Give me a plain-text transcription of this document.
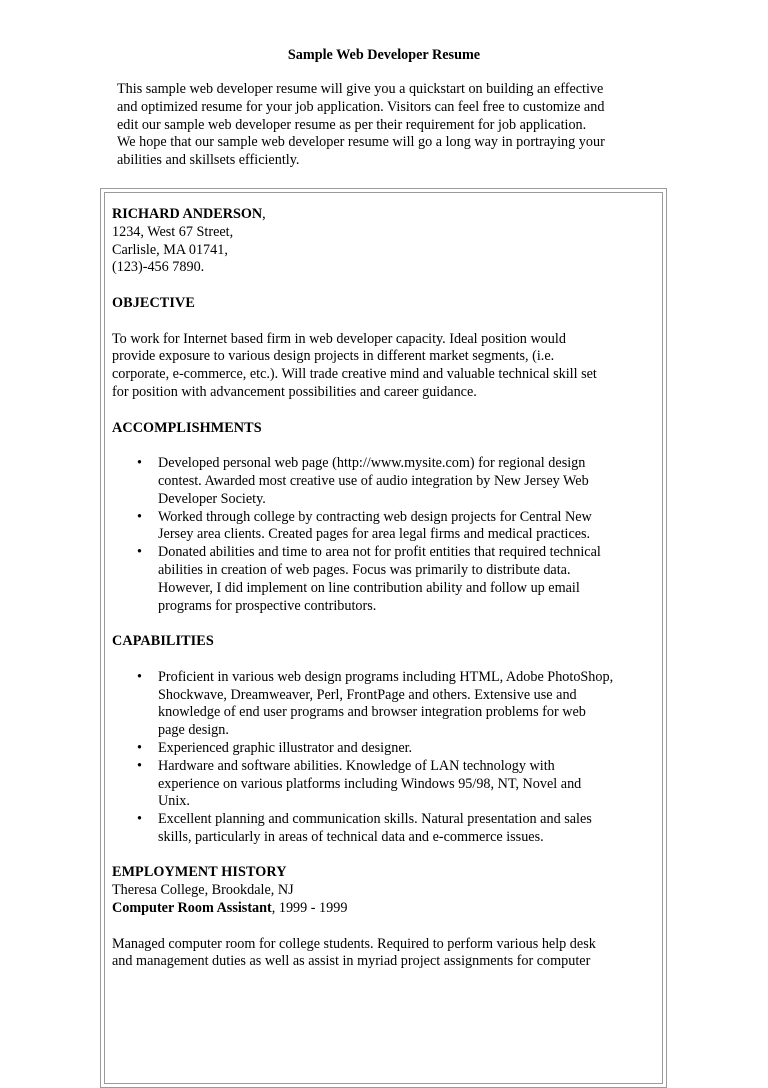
Sample Web Developer Resume
This sample web developer resume will give you a quickstart on building an effective
and optimized resume for your job application. Visitors can feel free to customize and
edit our sample web developer resume as per their requirement for job application.
We hope that our sample web developer resume will go a long way in portraying your
abilities and skillsets efficiently.
RICHARD ANDERSON,
1234, West 67 Street,
Carlisle, MA 01741,
(123)-456 7890.
OBJECTIVE
To work for Internet based firm in web developer capacity. Ideal position would
provide exposure to various design projects in different market segments, (i.e.
corporate, e-commerce, etc.). Will trade creative mind and valuable technical skill set
for position with advancement possibilities and career guidance.
ACCOMPLISHMENTS
• Developed personal web page (http://www.mysite.com) for regional design
contest. Awarded most creative use of audio integration by New Jersey Web
Developer Society.
• Worked through college by contracting web design projects for Central New
Jersey area clients. Created pages for area legal firms and medical practices.
• Donated abilities and time to area not for profit entities that required technical
abilities in creation of web pages. Focus was primarily to distribute data.
However, I did implement on line contribution ability and follow up email
programs for prospective contributors.
CAPABILITIES
• Proficient in various web design programs including HTML, Adobe PhotoShop,
Shockwave, Dreamweaver, Perl, FrontPage and others. Extensive use and
knowledge of end user programs and browser integration problems for web
page design.
• Experienced graphic illustrator and designer.
• Hardware and software abilities. Knowledge of LAN technology with
experience on various platforms including Windows 95/98, NT, Novel and
Unix.
• Excellent planning and communication skills. Natural presentation and sales
skills, particularly in areas of technical data and e-commerce issues.
EMPLOYMENT HISTORY
Theresa College, Brookdale, NJ
Computer Room Assistant, 1999 - 1999
Managed computer room for college students. Required to perform various help desk
and management duties as well as assist in myriad project assignments for computer
